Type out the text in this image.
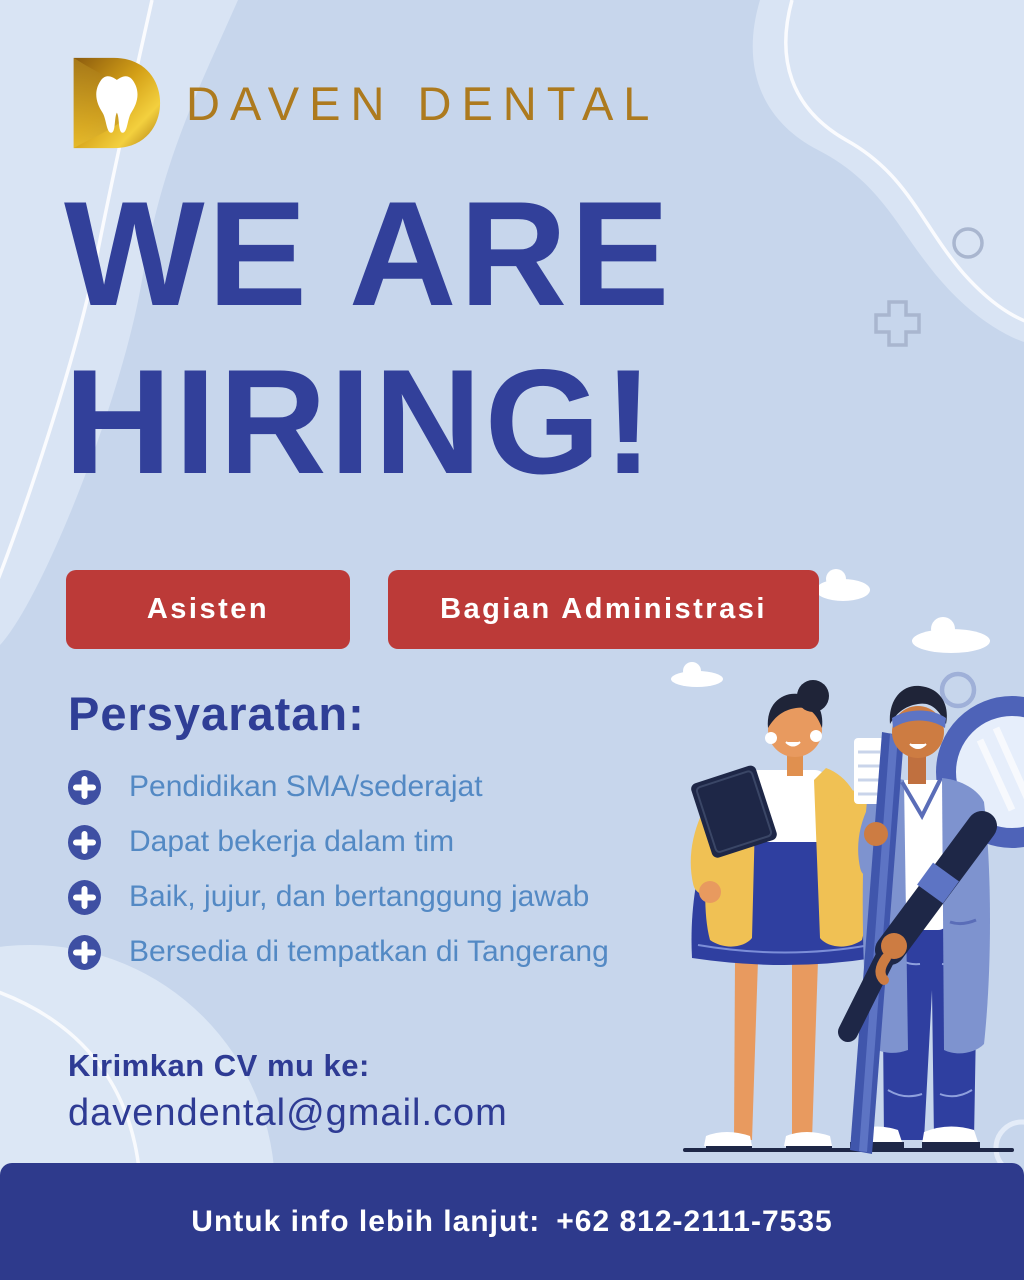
DAVEN DENTAL
WE ARE
HIRING!
Asisten	Bagian Administrasi
Persyaratan:
Pendidikan SMA/sederajat
Dapat bekerja dalam tim
Baik, jujur, dan bertanggung jawab
Bersedia di tempatkan di Tangerang
Kirimkan CV mu ke:
davendental@gmail.com
Untuk info lebih lanjut: +62 812-2111-7535
